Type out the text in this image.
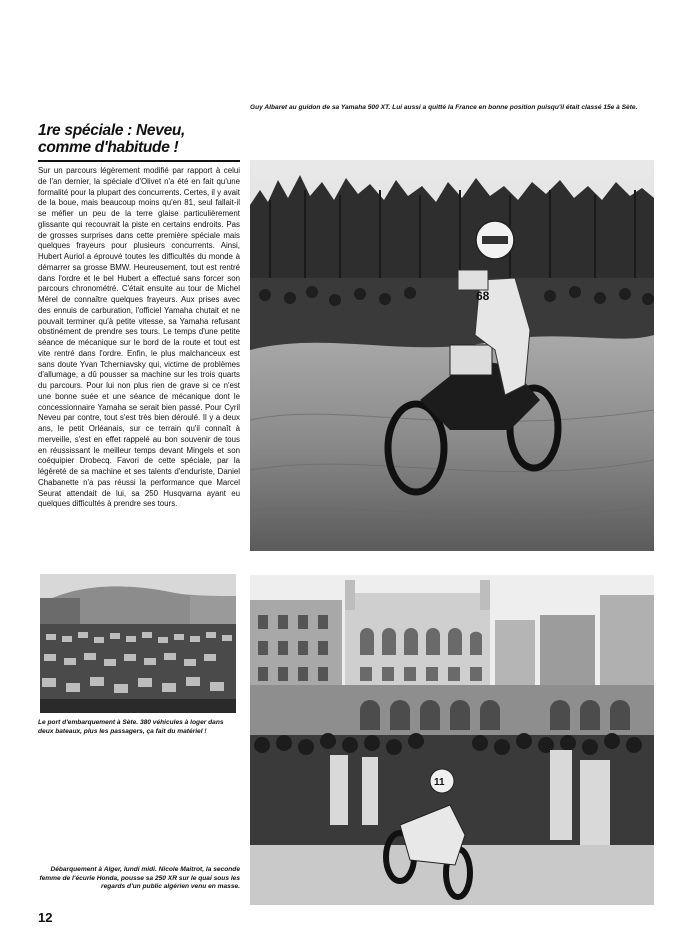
Guy Albaret au guidon de sa Yamaha 500 XT. Lui aussi a quitté la France en bonne position puisqu'il était classé 15e à Sète.
1re spéciale : Neveu,
comme d'habitude !
Sur un parcours légèrement modifié par rapport à celui de l'an dernier, la spéciale d'Olivet n'a été en fait qu'une formalité pour la plupart des concurrents. Certes, il y avait de la boue, mais beaucoup moins qu'en 81, seul fallait-il se méfier un peu de la terre glaise particulièrement glissante qui recouvrait la piste en certains endroits. Pas de grosses surprises dans cette première spéciale mais quelques frayeurs pour plusieurs concurrents. Ainsi, Hubert Auriol a éprouvé toutes les difficultés du monde à démarrer sa grosse BMW. Heureusement, tout est rentré dans l'ordre et le bel Hubert a effectué sans forcer son parcours chronométré. C'était ensuite au tour de Michel Mérel de connaître quelques frayeurs. Aux prises avec des ennuis de carburation, l'officiel Yamaha chutait et ne pouvait terminer qu'à petite vitesse, sa Yamaha refusant obstinément de prendre ses tours. Le temps d'une petite séance de mécanique sur le bord de la route et tout est vite rentré dans l'ordre. Enfin, le plus malchanceux est sans doute Yvan Tcherniavsky qui, victime de problèmes d'allumage, a dû pousser sa machine sur les trois quarts du parcours. Pour lui non plus rien de grave si ce n'est une bonne suée et une séance de mécanique dont le concessionnaire Yamaha se serait bien passé. Pour Cyril Neveu par contre, tout s'est très bien déroulé. Il y a deux ans, le petit Orléanais, sur ce terrain qu'il connaît à merveille, s'est en effet rappelé au bon souvenir de tous en réussissant le meilleur temps devant Mingels et son coéquipier Drobecq. Favori de cette spéciale, par la légèreté de sa machine et ses talents d'enduriste, Daniel Chabanette n'a pas réussi la performance que Marcel Seurat attendait de lui, sa 250 Husqvarna ayant eu quelques difficultés à prendre ses tours.
68
11
Le port d'embarquement à Sète. 380 véhicules à loger dans deux bateaux, plus les passagers, ça fait du matériel !
Débarquement à Alger, lundi midi. Nicole Maitrot, la seconde femme de l'écurie Honda, pousse sa 250 XR sur le quai sous les regards d'un public algérien venu en masse.
12
